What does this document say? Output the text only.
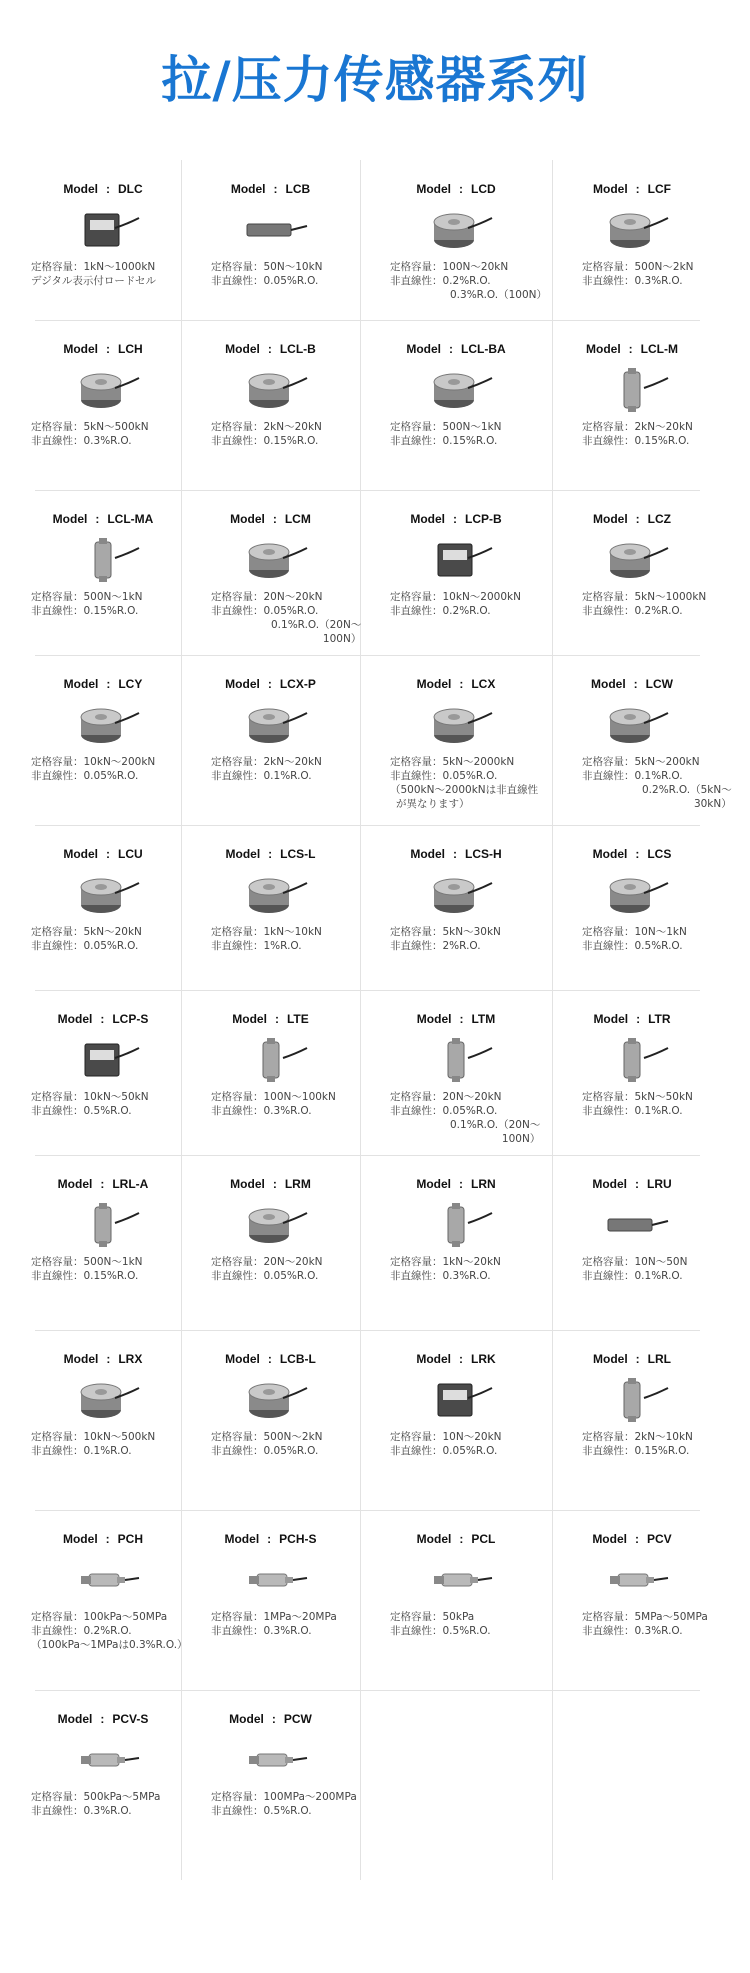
拉/压力传感器系列
Model : DLC
定格容量：1kN～1000kN
デジタル表示付ロードセル
Model : LCB
定格容量：50N～10kN
非直線性：0.05%R.O.
Model : LCD
定格容量：100N～20kN
非直線性：0.2%R.O.
0.3%R.O.（100N）
Model : LCF
定格容量：500N～2kN
非直線性：0.3%R.O.
Model : LCH
定格容量：5kN～500kN
非直線性：0.3%R.O.
Model : LCL-B
定格容量：2kN～20kN
非直線性：0.15%R.O.
Model : LCL-BA
定格容量：500N～1kN
非直線性：0.15%R.O.
Model : LCL-M
定格容量：2kN～20kN
非直線性：0.15%R.O.
Model : LCL-MA
定格容量：500N～1kN
非直線性：0.15%R.O.
Model : LCM
定格容量：20N～20kN
非直線性：0.05%R.O.
0.1%R.O.（20N～
100N）
Model : LCP-B
定格容量：10kN～2000kN
非直線性：0.2%R.O.
Model : LCZ
定格容量：5kN～1000kN
非直線性：0.2%R.O.
Model : LCY
定格容量：10kN～200kN
非直線性：0.05%R.O.
Model : LCX-P
定格容量：2kN～20kN
非直線性：0.1%R.O.
Model : LCX
定格容量：5kN～2000kN
非直線性：0.05%R.O.
（500kN～2000kNは非直線性
が異なります）
Model : LCW
定格容量：5kN～200kN
非直線性：0.1%R.O.
0.2%R.O.（5kN～
30kN）
Model : LCU
定格容量：5kN～20kN
非直線性：0.05%R.O.
Model : LCS-L
定格容量：1kN～10kN
非直線性：1%R.O.
Model : LCS-H
定格容量：5kN～30kN
非直線性：2%R.O.
Model : LCS
定格容量：10N～1kN
非直線性：0.5%R.O.
Model : LCP-S
定格容量：10kN～50kN
非直線性：0.5%R.O.
Model : LTE
定格容量：100N～100kN
非直線性：0.3%R.O.
Model : LTM
定格容量：20N～20kN
非直線性：0.05%R.O.
0.1%R.O.（20N～
100N）
Model : LTR
定格容量：5kN～50kN
非直線性：0.1%R.O.
Model : LRL-A
定格容量：500N～1kN
非直線性：0.15%R.O.
Model : LRM
定格容量：20N～20kN
非直線性：0.05%R.O.
Model : LRN
定格容量：1kN～20kN
非直線性：0.3%R.O.
Model : LRU
定格容量：10N～50N
非直線性：0.1%R.O.
Model : LRX
定格容量：10kN～500kN
非直線性：0.1%R.O.
Model : LCB-L
定格容量：500N～2kN
非直線性：0.05%R.O.
Model : LRK
定格容量：10N～20kN
非直線性：0.05%R.O.
Model : LRL
定格容量：2kN～10kN
非直線性：0.15%R.O.
Model : PCH
定格容量：100kPa～50MPa
非直線性：0.2%R.O.
（100kPa～1MPaは0.3%R.O.）
Model : PCH-S
定格容量：1MPa～20MPa
非直線性：0.3%R.O.
Model : PCL
定格容量：50kPa
非直線性：0.5%R.O.
Model : PCV
定格容量：5MPa～50MPa
非直線性：0.3%R.O.
Model : PCV-S
定格容量：500kPa～5MPa
非直線性：0.3%R.O.
Model : PCW
定格容量：100MPa～200MPa
非直線性：0.5%R.O.
